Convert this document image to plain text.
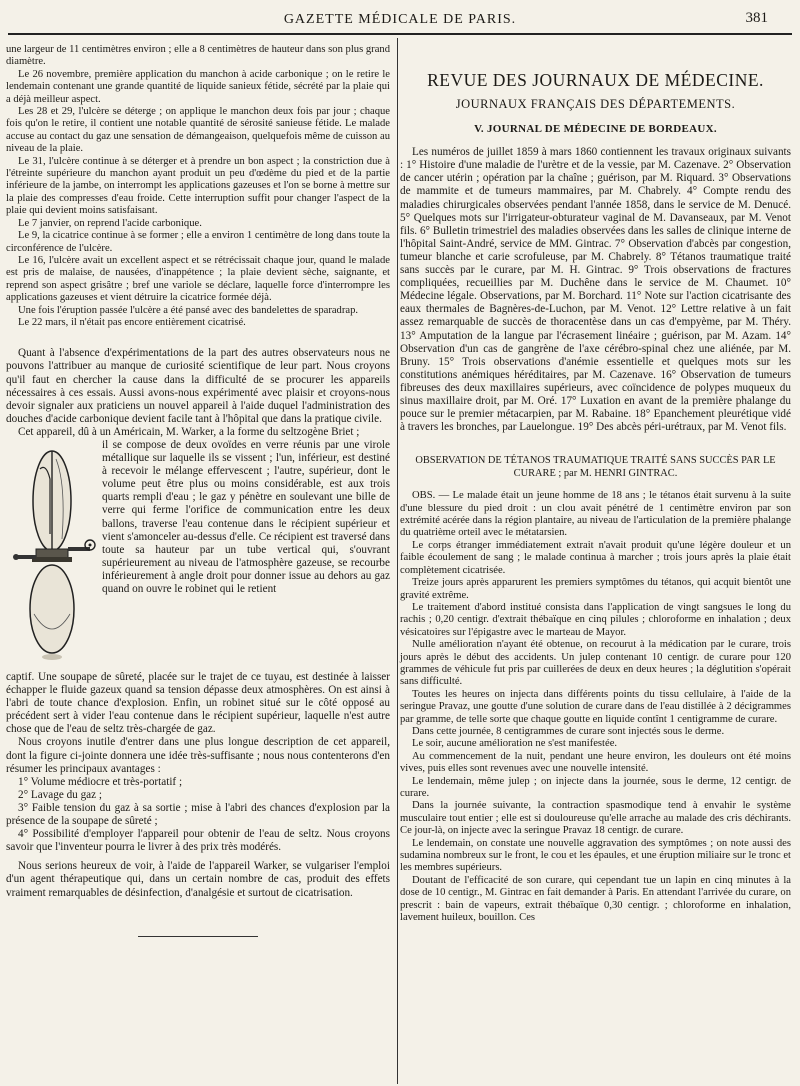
GAZETTE MÉDICALE DE PARIS.	381

une largeur de 11 centimètres environ ; elle a 8 centimètres de hauteur dans son plus grand diamètre.

Le 26 novembre, première application du manchon à acide carbonique ; on le retire le lendemain contenant une grande quantité de liquide sanieux fétide, sécrété par la plaie qui a déjà meilleur aspect.

Les 28 et 29, l'ulcère se déterge ; on applique le manchon deux fois par jour ; chaque fois qu'on le retire, il contient une notable quantité de sérosité sanieuse fétide. Le malade accuse au contact du gaz une sensation de démangeaison, quelquefois même de cuisson au niveau de la plaie.

Le 31, l'ulcère continue à se déterger et à prendre un bon aspect ; la constriction due à l'étreinte supérieure du manchon ayant produit un peu d'œdème du pied et de la partie inférieure de la jambe, on interrompt les applications gazeuses et l'on se borne à mettre sur la plaie des compresses d'eau froide. Cette interruption suffit pour changer l'aspect de la plaie qui devient moins satisfaisant.

Le 7 janvier, on reprend l'acide carbonique.

Le 9, la cicatrice continue à se former ; elle a environ 1 centimètre de long dans toute la circonférence de l'ulcère.

Le 16, l'ulcère avait un excellent aspect et se rétrécissait chaque jour, quand le malade est pris de malaise, de nausées, d'inappétence ; la plaie devient sèche, saignante, et reprend son aspect grisâtre ; bref une variole se déclare, laquelle force d'interrompre les applications gazeuses et vient détruire la cicatrice formée déjà.

Une fois l'éruption passée l'ulcère a été pansé avec des bandelettes de sparadrap.

Le 22 mars, il n'était pas encore entièrement cicatrisé.

Quant à l'absence d'expérimentations de la part des autres observateurs nous ne pouvons l'attribuer au manque de curiosité scientifique de leur part. Nous croyons qu'il faut en chercher la cause dans la difficulté de se procurer les appareils nécessaires à ces essais. Aussi avons-nous expérimenté avec plaisir et croyons-nous devoir signaler aux praticiens un nouvel appareil à l'aide duquel l'administration des douches d'acide carbonique devient facile tant à l'hôpital que dans la pratique civile.

Cet appareil, dû à un Américain, M. Warker, a la forme du seltzogène Briet ;

il se compose de deux ovoïdes en verre réunis par une virole métallique sur laquelle ils se vissent ; l'un, inférieur, est destiné à recevoir le mélange effervescent ; l'autre, supérieur, dont le volume peut être plus ou moins considérable, est aux trois quarts rempli d'eau ; le gaz y pénètre en soulevant une bille de verre qui ferme l'orifice de communication entre les deux ballons, traverse l'eau contenue dans le récipient supérieur et vient s'amonceler au-dessus d'elle. Ce récipient est traversé dans toute sa hauteur par un tube vertical qui, s'ouvrant supérieurement au niveau de l'atmosphère gazeuse, se recourbe inférieurement à angle droit pour donner issue au dehors au gaz quand on ouvre le robinet qui le retient

captif. Une soupape de sûreté, placée sur le trajet de ce tuyau, est destinée à laisser échapper le fluide gazeux quand sa tension dépasse deux atmosphères. On est ainsi à l'abri de toute chance d'explosion. Enfin, un robinet situé sur le côté opposé au précédent sert à vider l'eau contenue dans le récipient supérieur, laquelle n'est autre chose que de l'eau de seltz très-chargée de gaz.

Nous croyons inutile d'entrer dans une plus longue description de cet appareil, dont la figure ci-jointe donnera une idée très-suffisante ; nous nous contenterons d'en résumer les principaux avantages :

1° Volume médiocre et très-portatif ;

2° Lavage du gaz ;

3° Faible tension du gaz à sa sortie ; mise à l'abri des chances d'explosion par la présence de la soupape de sûreté ;

4° Possibilité d'employer l'appareil pour obtenir de l'eau de seltz. Nous croyons savoir que l'inventeur pourra le livrer à des prix très modérés.

Nous serions heureux de voir, à l'aide de l'appareil Warker, se vulgariser l'emploi d'un agent thérapeutique qui, dans un certain nombre de cas, produit des effets vraiment remarquables de désinfection, d'analgésie et surtout de cicatrisation.

REVUE DES JOURNAUX DE MÉDECINE.
JOURNAUX FRANÇAIS DES DÉPARTEMENTS.
V. JOURNAL DE MÉDECINE DE BORDEAUX.

Les numéros de juillet 1859 à mars 1860 contiennent les travaux originaux suivants : 1° Histoire d'une maladie de l'urètre et de la vessie, par M. Cazenave. 2° Observation de cancer utérin ; opération par la chaîne ; guérison, par M. Riquard. 3° Observations de mammite et de tumeurs mammaires, par M. Chabrely. 4° Compte rendu des maladies chirurgicales observées pendant l'année 1858, dans le service de M. Denucé. 5° Quelques mots sur l'irrigateur-obturateur vaginal de M. Davanseaux, par M. Venot fils. 6° Bulletin trimestriel des maladies observées dans les salles de clinique interne de l'hôpital Saint-André, service de MM. Gintrac. 7° Observation d'abcès par congestion, tumeur blanche et carie scrofuleuse, par M. Chabrely. 8° Tétanos traumatique traité sans succès par le curare, par M. H. Gintrac. 9° Trois observations de fractures compliquées, recueillies par M. Duchêne dans le service de M. Chaumet. 10° Médecine légale. Observations, par M. Borchard. 11° Note sur l'action cicatrisante des eaux thermales de Bagnères-de-Luchon, par M. Venot. 12° Lettre relative à un fait assez remarquable de succès de thoracentèse dans un cas d'empyème, par M. Théry. 13° Amputation de la langue par l'écrasement linéaire ; guérison, par M. Azam. 14° Observation d'un cas de gangrène de l'axe cérébro-spinal chez une aliénée, par M. Bruny. 15° Trois observations d'anémie essentielle et quelques mots sur les constitutions anémiques héréditaires, par M. Cazenave. 16° Observation de tumeurs fibreuses des deux maxillaires supérieurs, avec coïncidence de polypes muqueux du sinus maxillaire droit, par M. Oré. 17° Luxation en avant de la première phalange du pouce sur le premier métacarpien, par M. Rabaine. 18° Epanchement pleurétique vidé à travers les bronches, par Lauelongue. 19° Des abcès péri-urétraux, par M. Venot fils.

OBSERVATION DE TÉTANOS TRAUMATIQUE TRAITÉ SANS SUCCÈS PAR LE CURARE ; par M. HENRI GINTRAC.

OBS. — Le malade était un jeune homme de 18 ans ; le tétanos était survenu à la suite d'une blessure du pied droit : un clou avait pénétré de 1 centimètre environ par son extrémité acérée dans la région plantaire, au niveau de l'articulation de la première phalange du quatrième orteil avec le métatarsien.

Le corps étranger immédiatement extrait n'avait produit qu'une légère douleur et un faible écoulement de sang ; le malade continua à marcher ; trois jours après la plaie était complètement cicatrisée.

Treize jours après apparurent les premiers symptômes du tétanos, qui acquit bientôt une gravité extrême.

Le traitement d'abord institué consista dans l'application de vingt sangsues le long du rachis ; 0,20 centigr. d'extrait thébaïque en cinq pilules ; chloroforme en inhalation ; deux vésicatoires sur l'épigastre avec le marteau de Mayor.

Nulle amélioration n'ayant été obtenue, on recourut à la médication par le curare, trois jours après le début des accidents. Un julep contenant 10 centigr. de curare pour 120 grammes de véhicule fut pris par cuillerées de deux en deux heures ; la déglutition s'opérait sans difficulté.

Toutes les heures on injecta dans différents points du tissu cellulaire, à l'aide de la seringue Pravaz, une goutte d'une solution de curare dans de l'eau distillée à 2 décigrammes par gramme, de telle sorte que chaque goutte en liquide contînt 1 centigramme de curare.

Dans cette journée, 8 centigrammes de curare sont injectés sous le derme.

Le soir, aucune amélioration ne s'est manifestée.

Au commencement de la nuit, pendant une heure environ, les douleurs ont été moins vives, puis elles sont revenues avec une nouvelle intensité.

Le lendemain, même julep ; on injecte dans la journée, sous le derme, 12 centigr. de curare.

Dans la journée suivante, la contraction spasmodique tend à envahir le système musculaire tout entier ; elle est si douloureuse qu'elle arrache au malade des cris déchirants. Ce jour-là, on injecte avec la seringue Pravaz 18 centigr. de curare.

Le lendemain, on constate une nouvelle aggravation des symptômes ; on note aussi des sudamina nombreux sur le front, le cou et les épaules, et une éruption miliaire sur le tronc et les membres supérieurs.

Doutant de l'efficacité de son curare, qui cependant tue un lapin en cinq minutes à la dose de 10 centigr., M. Gintrac en fait demander à Paris. En attendant l'arrivée du curare, on prescrit : bain de vapeurs, extrait thébaïque 0,30 centigr. ; chloroforme en inhalation, lavement huileux, bouillon. Ces
